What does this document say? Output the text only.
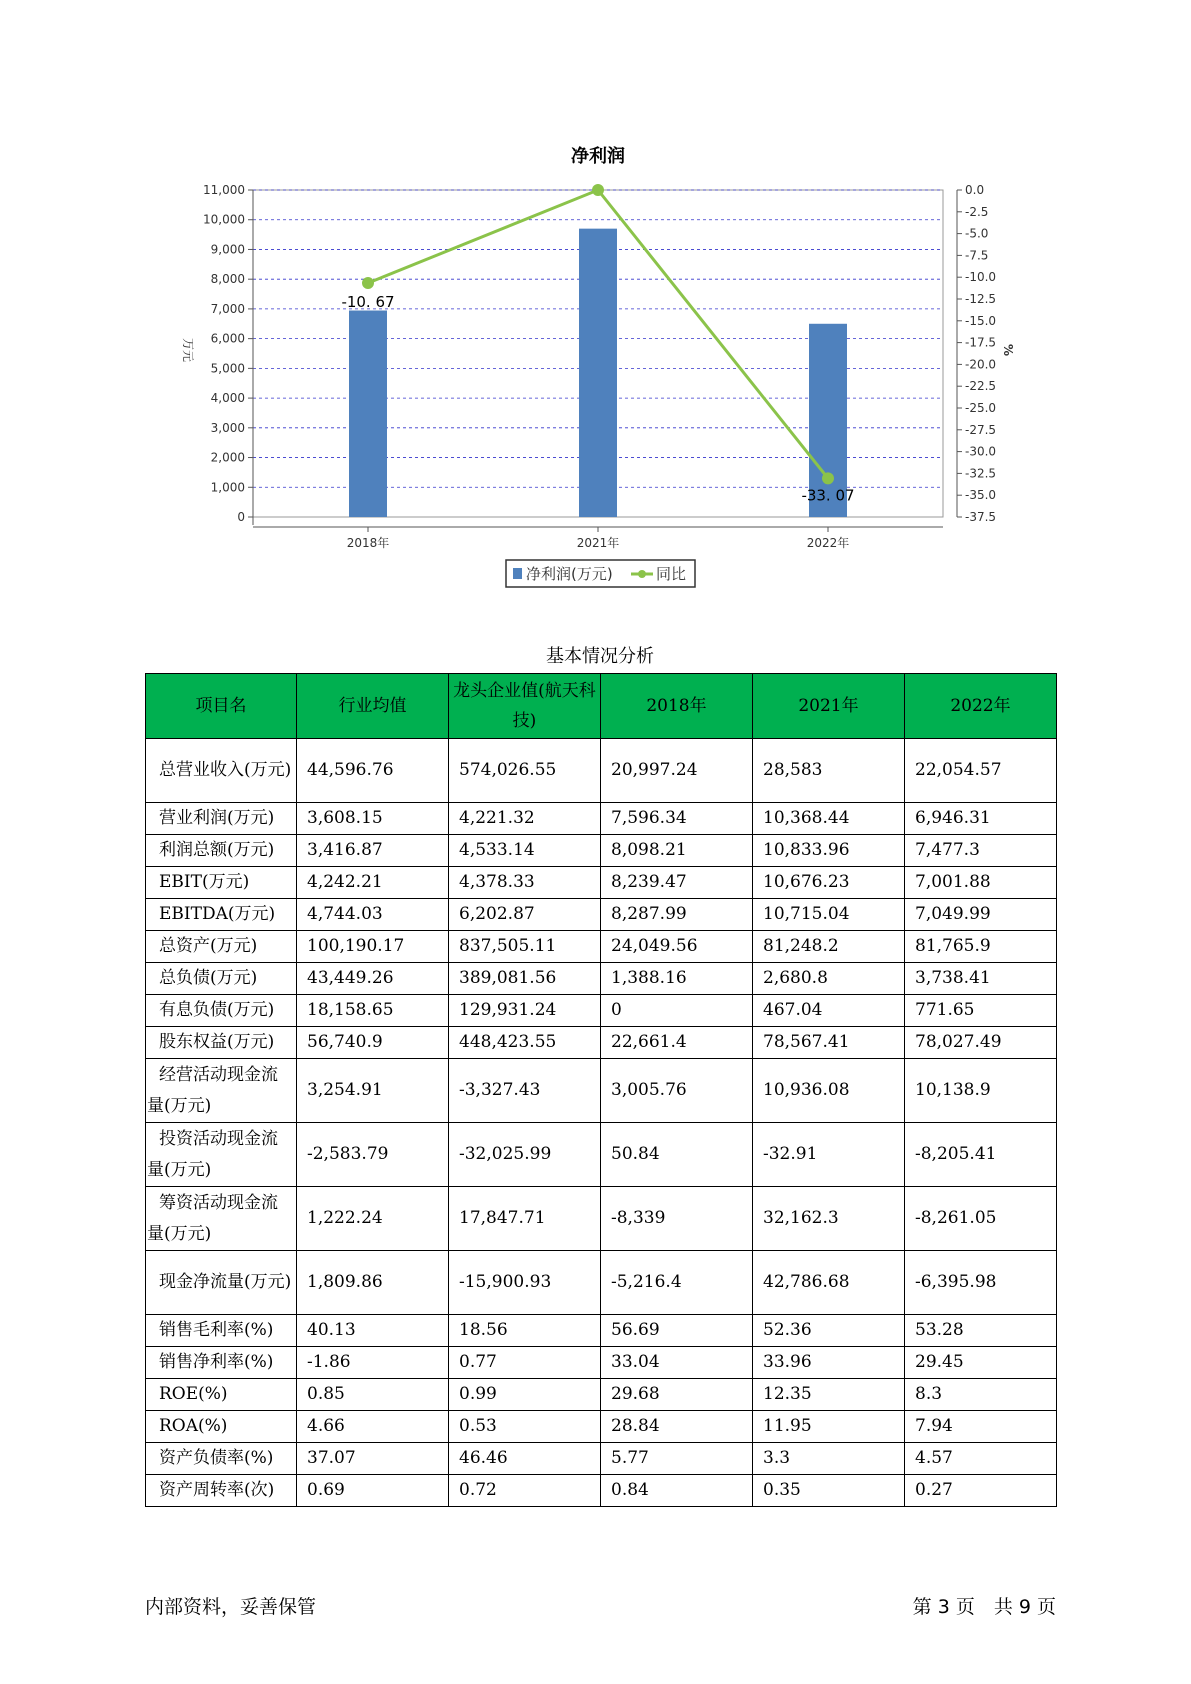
净利润
0
1,000
2,000
3,000
4,000
5,000
6,000
7,000
8,000
9,000
10,000
11,000
-37.5
-35.0
-32.5
-30.0
-27.5
-25.0
-22.5
-20.0
-17.5
-15.0
-12.5
-10.0
-7.5
-5.0
-2.5
0.0
2018年	2021年	2022年
-10. 67
-33. 07
万元	%
净利润(万元)	同比
基本情况分析
项目名	行业均值	龙头企业值(航天科技)	2018年	2021年	2022年

总营业收入(万元)	44,596.76	574,026.55	20,997.24	28,583	22,054.57

营业利润(万元)	3,608.15	4,221.32	7,596.34	10,368.44	6,946.31

利润总额(万元)	3,416.87	4,533.14	8,098.21	10,833.96	7,477.3

EBIT(万元)	4,242.21	4,378.33	8,239.47	10,676.23	7,001.88

EBITDA(万元)	4,744.03	6,202.87	8,287.99	10,715.04	7,049.99

总资产(万元)	100,190.17	837,505.11	24,049.56	81,248.2	81,765.9

总负债(万元)	43,449.26	389,081.56	1,388.16	2,680.8	3,738.41

有息负债(万元)	18,158.65	129,931.24	0	467.04	771.65

股东权益(万元)	56,740.9	448,423.55	22,661.4	78,567.41	78,027.49

经营活动现金流量(万元)	3,254.91	-3,327.43	3,005.76	10,936.08	10,138.9

投资活动现金流量(万元)	-2,583.79	-32,025.99	50.84	-32.91	-8,205.41

筹资活动现金流量(万元)	1,222.24	17,847.71	-8,339	32,162.3	-8,261.05

现金净流量(万元)	1,809.86	-15,900.93	-5,216.4	42,786.68	-6,395.98

销售毛利率(%)	40.13	18.56	56.69	52.36	53.28

销售净利率(%)	-1.86	0.77	33.04	33.96	29.45

ROE(%)	0.85	0.99	29.68	12.35	8.3

ROA(%)	4.66	0.53	28.84	11.95	7.94

资产负债率(%)	37.07	46.46	5.77	3.3	4.57

资产周转率(次)	0.69	0.72	0.84	0.35	0.27
内部资料，妥善保管	第 3 页　共 9 页
